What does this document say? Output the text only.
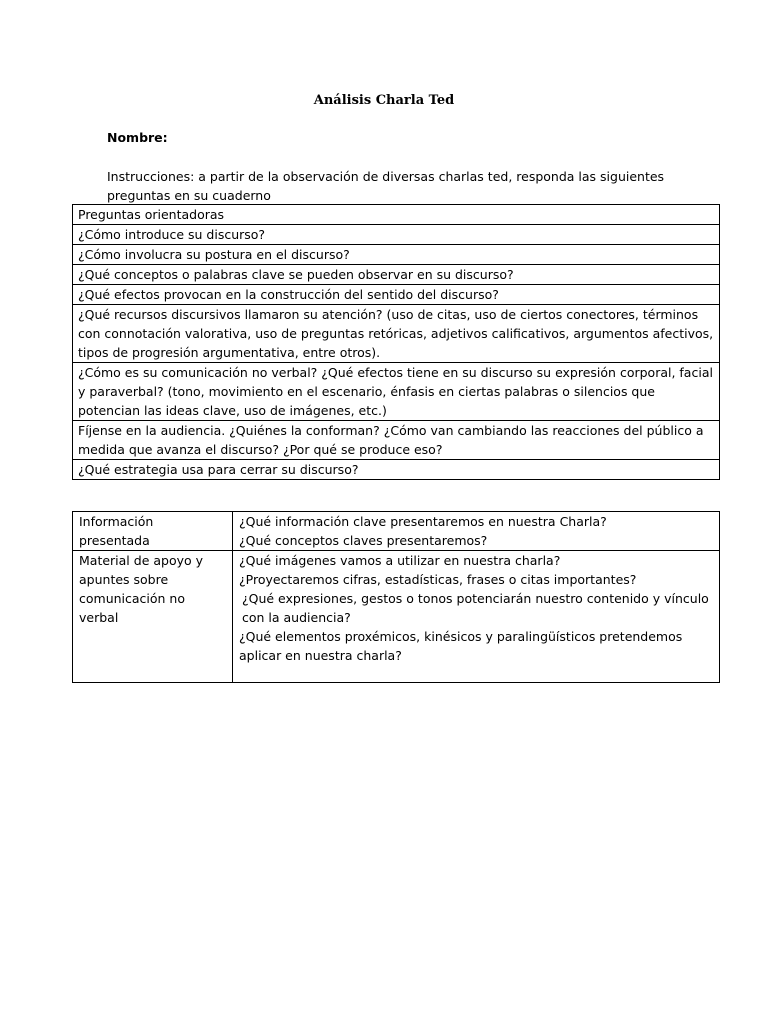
Análisis Charla Ted
Nombre:
Instrucciones: a partir de la observación de diversas charlas ted, responda las siguientes preguntas en su cuaderno
Preguntas orientadoras
¿Cómo introduce su discurso?
¿Cómo involucra su postura en el discurso?
¿Qué conceptos o palabras clave se pueden observar en su discurso?
¿Qué efectos provocan en la construcción del sentido del discurso?
¿Qué recursos discursivos llamaron su atención? (uso de citas, uso de ciertos conectores, términos con connotación valorativa, uso de preguntas retóricas, adjetivos calificativos, argumentos afectivos, tipos de progresión argumentativa, entre otros).
¿Cómo es su comunicación no verbal? ¿Qué efectos tiene en su discurso su expresión corporal, facial y paraverbal? (tono, movimiento en el escenario, énfasis en ciertas palabras o silencios que potencian las ideas clave, uso de imágenes, etc.)
Fíjense en la audiencia. ¿Quiénes la conforman? ¿Cómo van cambiando las reacciones del público a medida que avanza el discurso? ¿Por qué se produce eso?
¿Qué estrategia usa para cerrar su discurso?
Información presentada	¿Qué información clave presentaremos en nuestra Charla?
¿Qué conceptos claves presentaremos?

Material de apoyo y apuntes sobre comunicación no verbal	¿Qué imágenes vamos a utilizar en nuestra charla?
¿Proyectaremos cifras, estadísticas, frases o citas importantes?
¿Qué expresiones, gestos o tonos potenciarán nuestro contenido y vínculo con la audiencia?
¿Qué elementos proxémicos, kinésicos y paralingüísticos pretendemos aplicar en nuestra charla?
